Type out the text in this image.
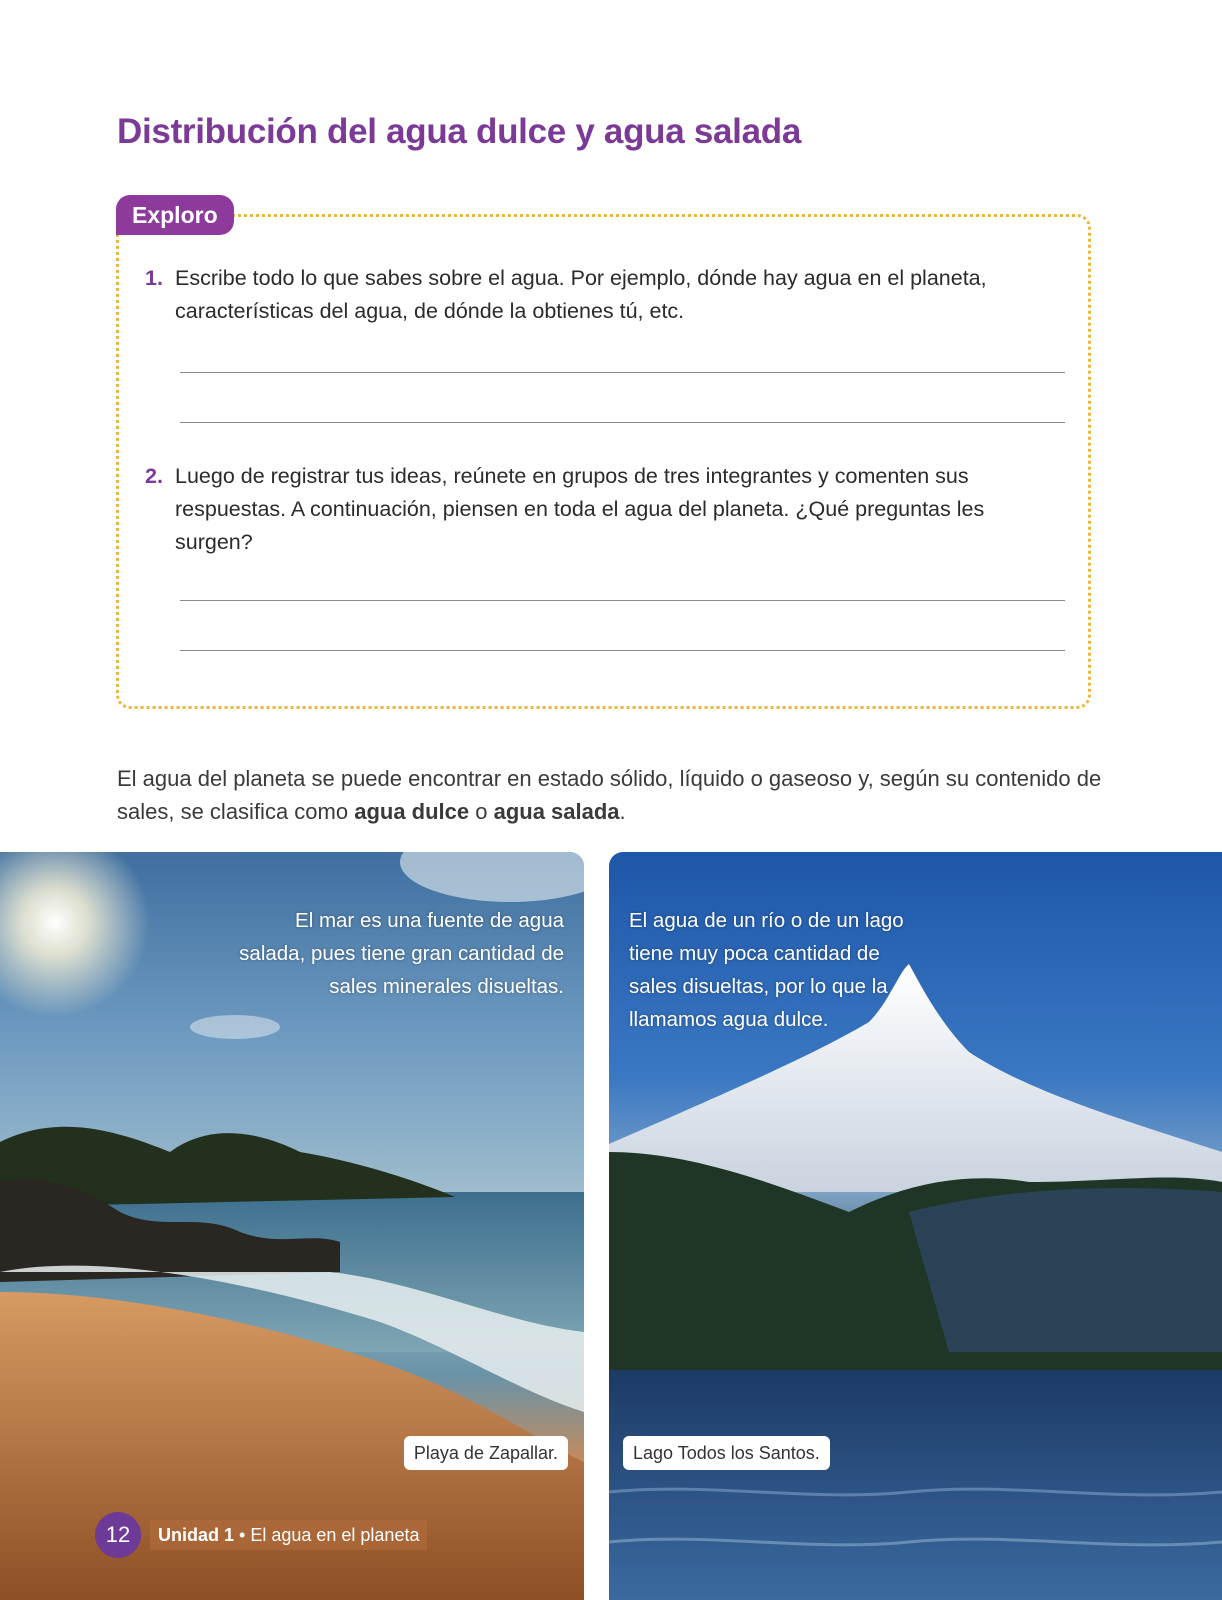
Distribución del agua dulce y agua salada
Exploro
1. Escribe todo lo que sabes sobre el agua. Por ejemplo, dónde hay agua en el planeta, características del agua, de dónde la obtienes tú, etc.
2. Luego de registrar tus ideas, reúnete en grupos de tres integrantes y comenten sus respuestas. A continuación, piensen en toda el agua del planeta. ¿Qué preguntas les surgen?

El agua del planeta se puede encontrar en estado sólido, líquido o gaseoso y, según su contenido de sales, se clasifica como agua dulce o agua salada.

El mar es una fuente de agua salada, pues tiene gran cantidad de sales minerales disueltas.
Playa de Zapallar.
El agua de un río o de un lago tiene muy poca cantidad de sales disueltas, por lo que la llamamos agua dulce.
Lago Todos los Santos.
12	Unidad 1 • El agua en el planeta
